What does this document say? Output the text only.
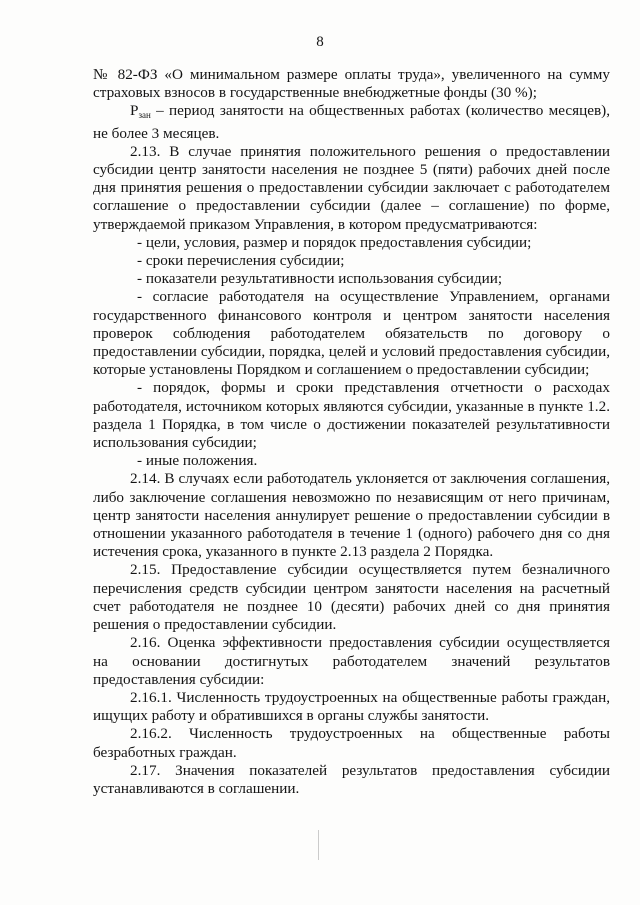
8

№ 82-ФЗ «О минимальном размере оплаты труда», увеличенного на сумму страховых взносов в государственные внебюджетные фонды (30 %);

$P_{зан}$ – период занятости на общественных работах (количество месяцев), не более 3 месяцев.

2.13. В случае принятия положительного решения о предоставлении субсидии центр занятости населения не позднее 5 (пяти) рабочих дней после дня принятия решения о предоставлении субсидии заключает с работодателем соглашение о предоставлении субсидии (далее – соглашение) по форме, утверждаемой приказом Управления, в котором предусматриваются:

- цели, условия, размер и порядок предоставления субсидии;

- сроки перечисления субсидии;

- показатели результативности использования субсидии;

- согласие работодателя на осуществление Управлением, органами государственного финансового контроля и центром занятости населения проверок соблюдения работодателем обязательств по договору о предоставлении субсидии, порядка, целей и условий предоставления субсидии, которые установлены Порядком и соглашением о предоставлении субсидии;

- порядок, формы и сроки представления отчетности о расходах работодателя, источником которых являются субсидии, указанные в пункте 1.2. раздела 1 Порядка, в том числе о достижении показателей результативности использования субсидии;

- иные положения.

2.14. В случаях если работодатель уклоняется от заключения соглашения, либо заключение соглашения невозможно по независящим от него причинам, центр занятости населения аннулирует решение о предоставлении субсидии в отношении указанного работодателя в течение 1 (одного) рабочего дня со дня истечения срока, указанного в пункте 2.13 раздела 2 Порядка.

2.15. Предоставление субсидии осуществляется путем безналичного перечисления средств субсидии центром занятости населения на расчетный счет работодателя не позднее 10 (десяти) рабочих дней со дня принятия решения о предоставлении субсидии.

2.16. Оценка эффективности предоставления субсидии осуществляется на основании достигнутых работодателем значений результатов предоставления субсидии:

2.16.1. Численность трудоустроенных на общественные работы граждан, ищущих работу и обратившихся в органы службы занятости.

2.16.2. Численность трудоустроенных на общественные работы безработных граждан.

2.17. Значения показателей результатов предоставления субсидии устанавливаются в соглашении.
